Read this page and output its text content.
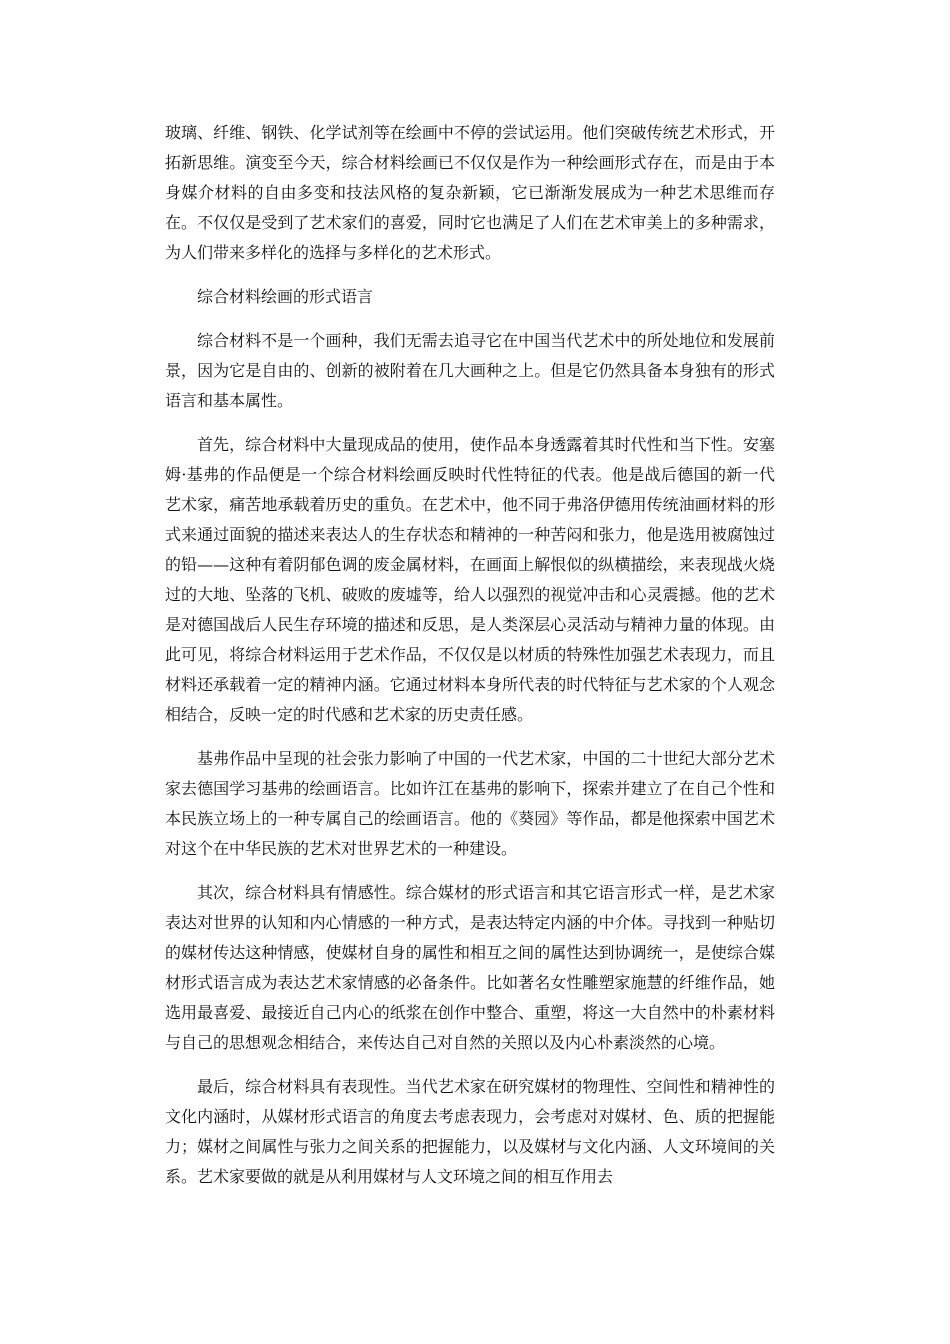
玻璃、纤维、钢铁、化学试剂等在绘画中不停的尝试运用。他们突破传统艺术形式，开拓新思维。演变至今天，综合材料绘画已不仅仅是作为一种绘画形式存在，而是由于本身媒介材料的自由多变和技法风格的复杂新颖，它已渐渐发展成为一种艺术思维而存在。不仅仅是受到了艺术家们的喜爱，同时它也满足了人们在艺术审美上的多种需求，为人们带来多样化的选择与多样化的艺术形式。

综合材料绘画的形式语言

综合材料不是一个画种，我们无需去追寻它在中国当代艺术中的所处地位和发展前景，因为它是自由的、创新的被附着在几大画种之上。但是它仍然具备本身独有的形式语言和基本属性。

首先，综合材料中大量现成品的使用，使作品本身透露着其时代性和当下性。安塞姆·基弗的作品便是一个综合材料绘画反映时代性特征的代表。他是战后德国的新一代艺术家，痛苦地承载着历史的重负。在艺术中，他不同于弗洛伊德用传统油画材料的形式来通过面貌的描述来表达人的生存状态和精神的一种苦闷和张力，他是选用被腐蚀过的铅——这种有着阴郁色调的废金属材料，在画面上解恨似的纵横描绘，来表现战火烧过的大地、坠落的飞机、破败的废墟等，给人以强烈的视觉冲击和心灵震撼。他的艺术是对德国战后人民生存环境的描述和反思，是人类深层心灵活动与精神力量的体现。由此可见，将综合材料运用于艺术作品，不仅仅是以材质的特殊性加强艺术表现力，而且材料还承载着一定的精神内涵。它通过材料本身所代表的时代特征与艺术家的个人观念相结合，反映一定的时代感和艺术家的历史责任感。

基弗作品中呈现的社会张力影响了中国的一代艺术家，中国的二十世纪大部分艺术家去德国学习基弗的绘画语言。比如许江在基弗的影响下，探索并建立了在自己个性和本民族立场上的一种专属自己的绘画语言。他的《葵园》等作品，都是他探索中国艺术对这个在中华民族的艺术对世界艺术的一种建设。

其次，综合材料具有情感性。综合媒材的形式语言和其它语言形式一样，是艺术家表达对世界的认知和内心情感的一种方式，是表达特定内涵的中介体。寻找到一种贴切的媒材传达这种情感，使媒材自身的属性和相互之间的属性达到协调统一，是使综合媒材形式语言成为表达艺术家情感的必备条件。比如著名女性雕塑家施慧的纤维作品，她选用最喜爱、最接近自己内心的纸浆在创作中整合、重塑，将这一大自然中的朴素材料与自己的思想观念相结合，来传达自己对自然的关照以及内心朴素淡然的心境。

最后，综合材料具有表现性。当代艺术家在研究媒材的物理性、空间性和精神性的文化内涵时，从媒材形式语言的角度去考虑表现力，会考虑对对媒材、色、质的把握能力；媒材之间属性与张力之间关系的把握能力，以及媒材与文化内涵、人文环境间的关系。艺术家要做的就是从利用媒材与人文环境之间的相互作用去
